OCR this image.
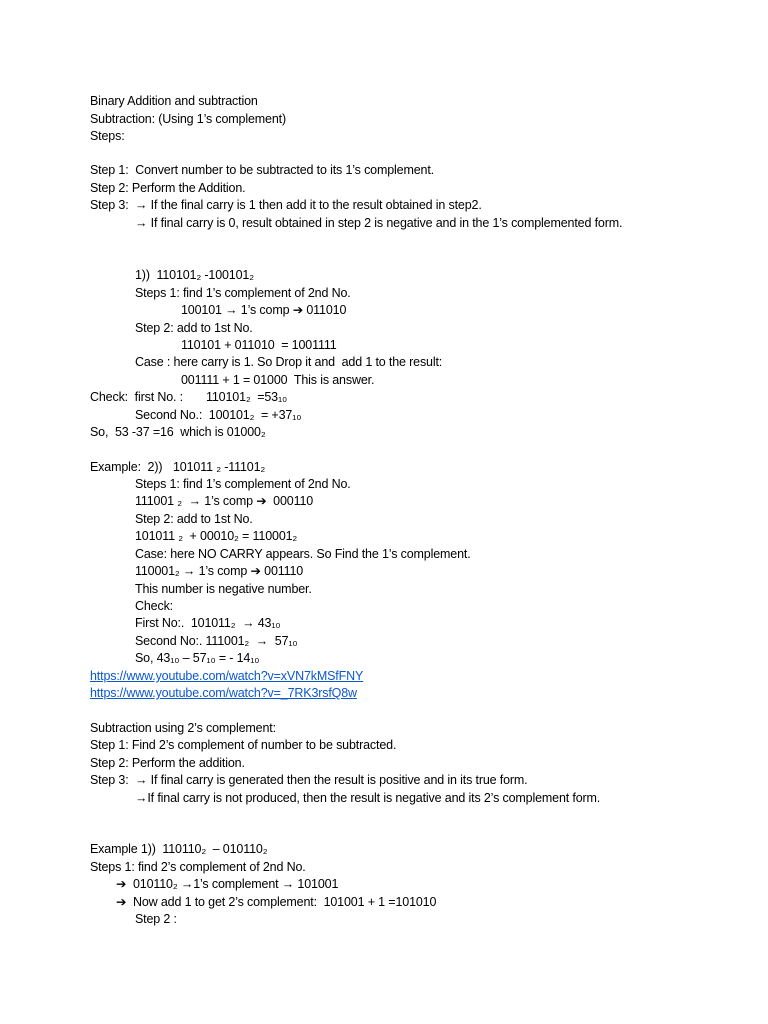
Binary Addition and subtraction
Subtraction: (Using 1’s complement)
Steps:
Step 1:  Convert number to be subtracted to its 1’s complement.
Step 2: Perform the Addition.
Step 3: → If the final carry is 1 then add it to the result obtained in step2.
→ If final carry is 0, result obtained in step 2 is negative and in the 1’s complemented form.
1))  110101₂ -100101₂
Steps 1: find 1’s complement of 2nd No.
100101 → 1’s comp ➔ 011010
Step 2: add to 1st No.
110101 + 011010  = 1001111
Case : here carry is 1. So Drop it and  add 1 to the result:
001111 + 1 = 01000  This is answer.
Check:  first No. : 110101₂  =53₁₀
Second No.:  100101₂  = +37₁₀
So,  53 -37 =16  which is 01000₂
Example:  2)) 101011 ₂ -11101₂
Steps 1: find 1’s complement of 2nd No.
111001 ₂  → 1’s comp ➔  000110
Step 2: add to 1st No.
101011 ₂  + 00010₂ = 110001₂
Case: here NO CARRY appears. So Find the 1’s complement.
110001₂ → 1’s comp ➔ 001110
This number is negative number.
Check:
First No:.  101011₂  → 43₁₀
Second No:. 111001₂  →  57₁₀
So, 43₁₀ – 57₁₀ = - 14₁₀
https://www.youtube.com/watch?v=xVN7kMSfFNY
https://www.youtube.com/watch?v=_7RK3rsfQ8w
Subtraction using 2’s complement:
Step 1: Find 2’s complement of number to be subtracted.
Step 2: Perform the addition.
Step 3: → If final carry is generated then the result is positive and in its true form.
→If final carry is not produced, then the result is negative and its 2’s complement form.
Example 1))  110110₂  – 010110₂
Steps 1: find 2’s complement of 2nd No.
➔  010110₂ →1’s complement → 101001
➔  Now add 1 to get 2’s complement:  101001 + 1 =101010
Step 2 :
